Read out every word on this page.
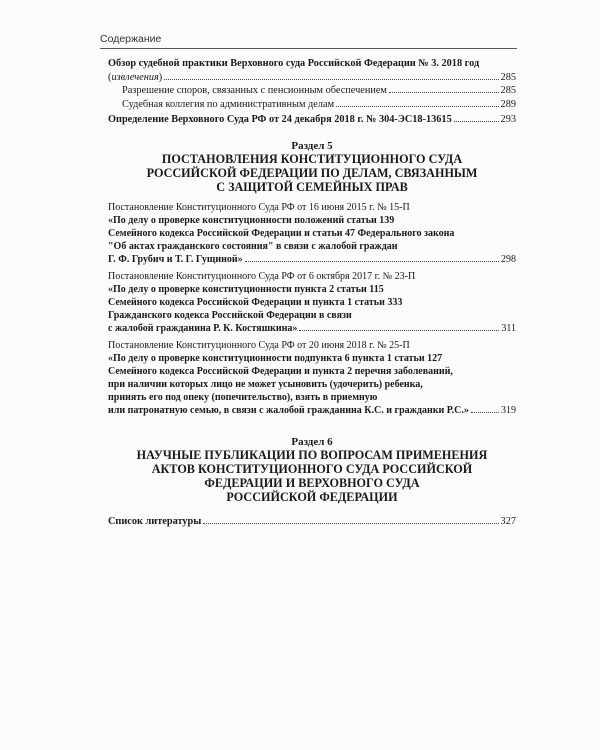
Содержание
Обзор судебной практики Верховного суда Российской Федерации № 3. 2018 год
( извлечения )	285
Разрешение споров, связанных с пенсионным обеспечением	285
Судебная коллегия по административным делам	289
Определение Верховного Суда РФ от 24 декабря 2018 г. № 304-ЭС18-13615	293
Раздел 5
ПОСТАНОВЛЕНИЯ КОНСТИТУЦИОННОГО СУДА
РОССИЙСКОЙ ФЕДЕРАЦИИ ПО ДЕЛАМ, СВЯЗАННЫМ
С ЗАЩИТОЙ СЕМЕЙНЫХ ПРАВ
Постановление Конституционного Суда РФ от 16 июня 2015 г. № 15-П
«По делу о проверке конституционности положений статьи 139
Семейного кодекса Российской Федерации и статьи 47 Федерального закона
"Об актах гражданского состояния" в связи с жалобой граждан
Г. Ф. Грубич и Т. Г. Гущиной»	298
Постановление Конституционного Суда РФ от 6 октября 2017 г. № 23-П
«По делу о проверке конституционности пункта 2 статьи 115
Семейного кодекса Российской Федерации и пункта 1 статьи 333
Гражданского кодекса Российской Федерации в связи
с жалобой гражданина Р. К. Костяшкина»	311
Постановление Конституционного Суда РФ от 20 июня 2018 г. № 25-П
«По делу о проверке конституционности подпункта 6 пункта 1 статьи 127
Семейного кодекса Российской Федерации и пункта 2 перечня заболеваний,
при наличии которых лицо не может усыновить (удочерить) ребенка,
принять его под опеку (попечительство), взять в приемную
или патронатную семью, в связи с жалобой гражданина К.С. и гражданки Р.С.»	319
Раздел 6
НАУЧНЫЕ ПУБЛИКАЦИИ ПО ВОПРОСАМ ПРИМЕНЕНИЯ
АКТОВ КОНСТИТУЦИОННОГО СУДА РОССИЙСКОЙ
ФЕДЕРАЦИИ И ВЕРХОВНОГО СУДА
РОССИЙСКОЙ ФЕДЕРАЦИИ
Список литературы	327
